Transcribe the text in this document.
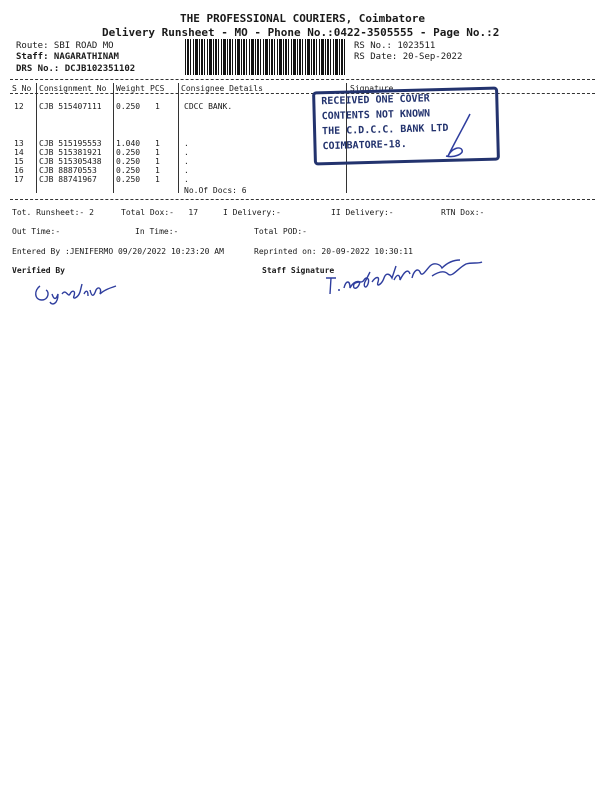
THE PROFESSIONAL COURIERS, Coimbatore
Delivery Runsheet - MO - Phone No.:0422-3505555 - Page No.:2
Route: SBI ROAD MO
Staff: NAGARATHINAM
DRS No.: DCJB102351102
RS No.: 1023511
RS Date: 20-Sep-2022
S No Consignment No Weight PCS Consignee Details	Signature
12 CJB 515407111 0.250 1	CDCC BANK.
13 CJB 515195553 1.040 1	.
14 CJB 515381921 0.250 1	.
15 CJB 515305438 0.250 1	.
16 CJB 88870553 0.250 1	.
17 CJB 88741967 0.250 1	.
No.Of Docs: 6
RECEIVED ONE COVER
CONTENTS NOT KNOWN
THE C.D.C.C. BANK LTD
COIMBATORE-18.
Tot. Runsheet:- 2	Total Dox:-   17	I Delivery:-	II Delivery:-	RTN Dox:-
Out Time:-	In Time:-	Total POD:-
Entered By :JENIFERMO 09/20/2022 10:23:20 AM	Reprinted on: 20-09-2022 10:30:11
Verified By	Staff Signature
